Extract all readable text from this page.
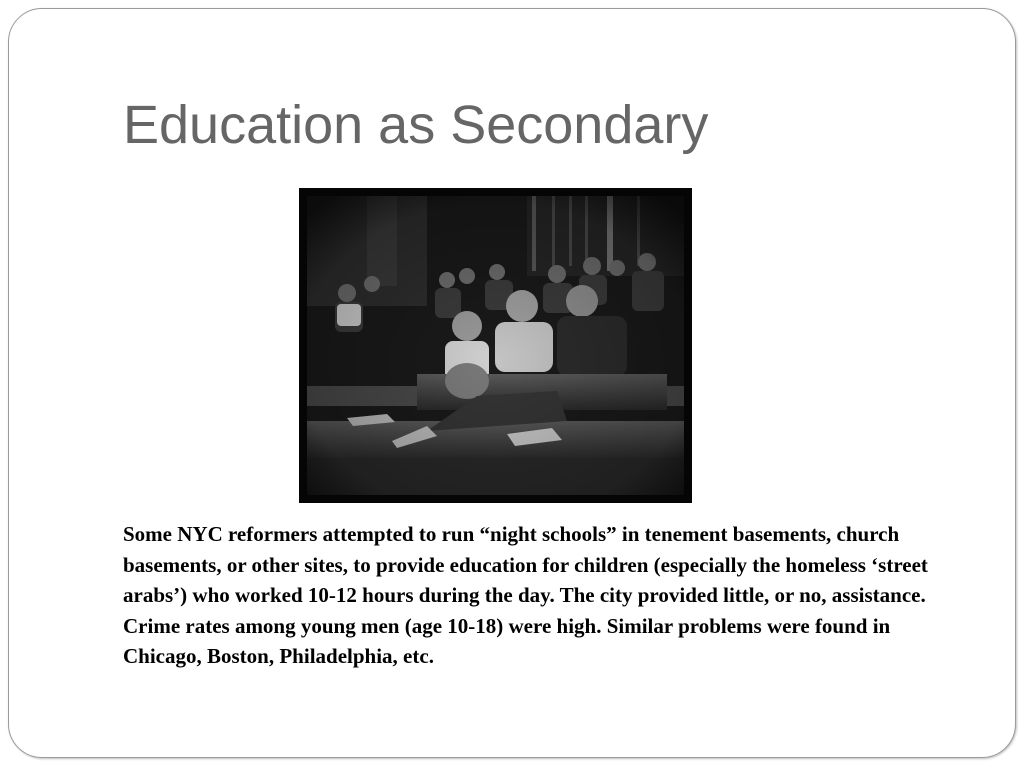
Education as Secondary

Some NYC reformers attempted to run “night schools” in tenement basements, church basements, or other sites, to provide education for children (especially the homeless ‘street arabs’) who worked 10-12 hours during the day. The city provided little, or no, assistance. Crime rates among young men (age 10-18) were high. Similar problems were found in Chicago, Boston, Philadelphia, etc.
